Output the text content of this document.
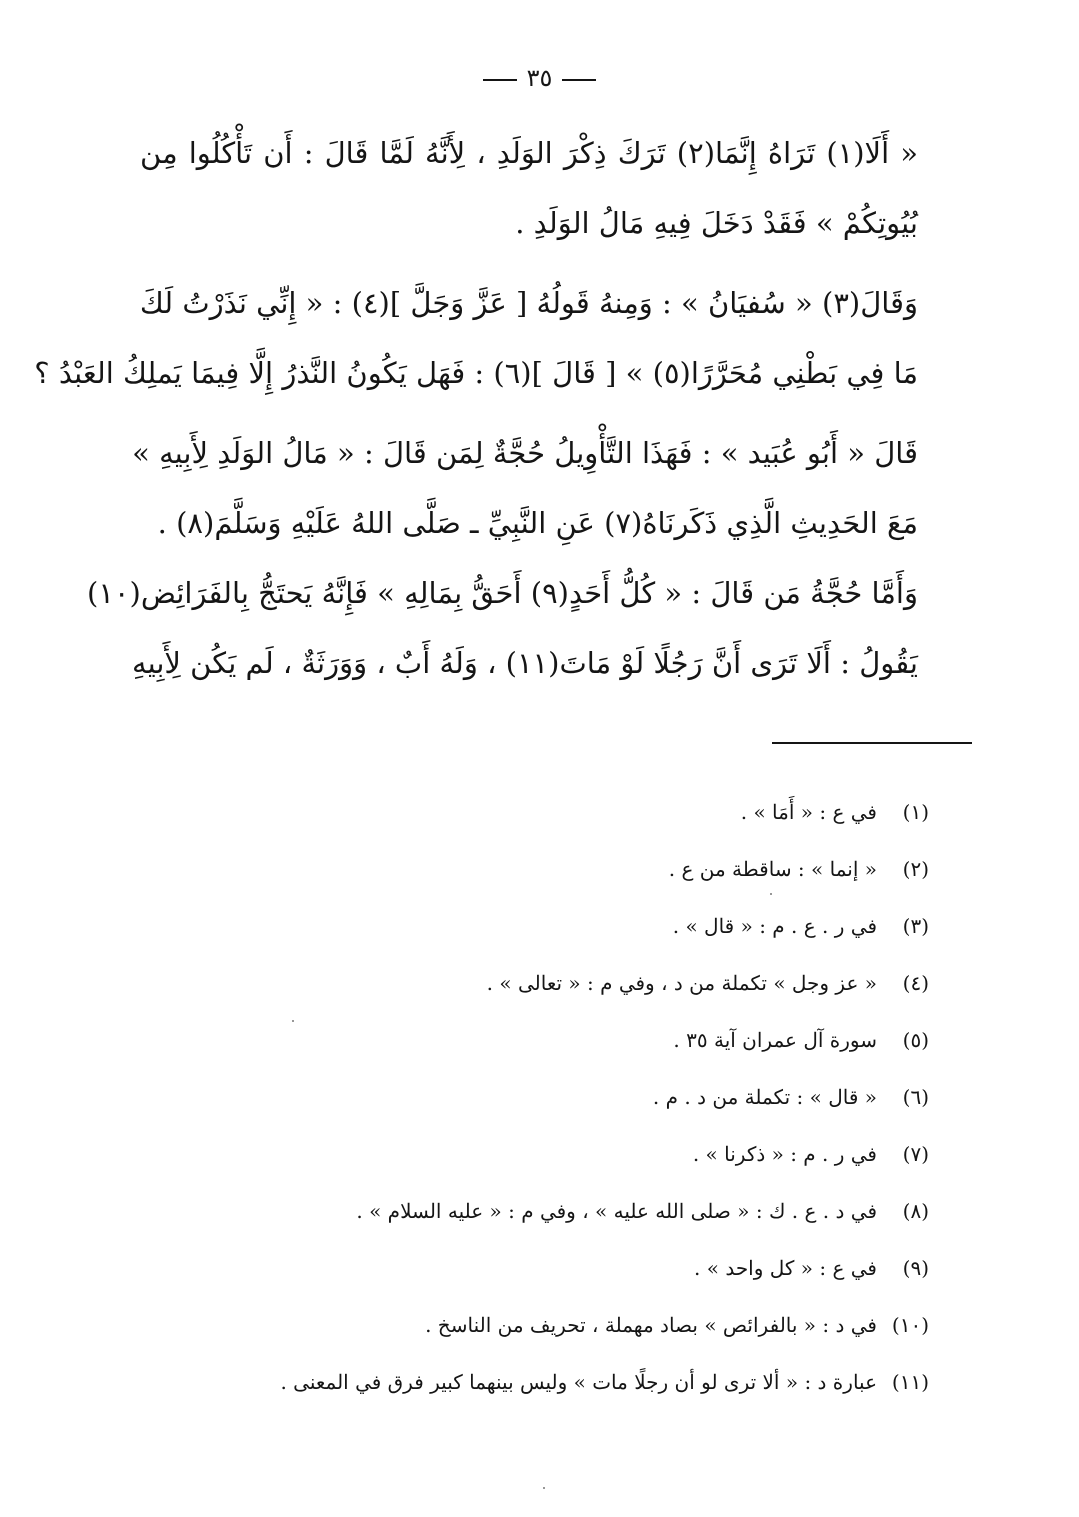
٣٥
« أَلَا(١) تَرَاهُ إِنَّمَا(٢) تَرَكَ ذِكْرَ الوَلَدِ ، لِأَنَّهُ لَمَّا قَالَ : أَن تَأْكُلُوا مِن
بُيُوتِكُمْ » فَقَدْ دَخَلَ فِيهِ مَالُ الوَلَدِ .
وَقَالَ(٣) « سُفيَانُ » : وَمِنهُ قَولُهُ [ عَزَّ وَجَلَّ ](٤) : « إِنِّي نَذَرْتُ لَكَ
مَا فِي بَطْنِي مُحَرَّرًا(٥) » [ قَالَ ](٦) : فَهَل يَكُونُ النَّذرُ إِلَّا فِيمَا يَملِكُ العَبْدُ ؟
قَالَ « أَبُو عُبَيد » : فَهَذَا التَّأْوِيلُ حُجَّةٌ لِمَن قَالَ : « مَالُ الوَلَدِ لِأَبِيهِ »
مَعَ الحَدِيثِ الَّذِي ذَكَرنَاهُ(٧) عَنِ النَّبِيِّ ـ صَلَّى اللهُ عَلَيْهِ وَسَلَّمَ(٨) .
وَأَمَّا حُجَّةُ مَن قَالَ : « كُلُّ أَحَدٍ(٩) أَحَقُّ بِمَالِهِ » فَإِنَّهُ يَحتَجُّ بِالفَرَائِض(١٠)
يَقُولُ : أَلَا تَرَى أَنَّ رَجُلًا لَوْ مَاتَ(١١) ، وَلَهُ أَبٌ ، وَوَرَثَةٌ ، لَم يَكُن لِأَبِيهِ
(١)في ع : « أَمَا » .
(٢)« إنما » : ساقطة من ع .
(٣)في ر . ع . م : « قال » .
(٤)« عز وجل » تكملة من د ، وفي م : « تعالى » .
(٥)سورة آل عمران آية ٣٥ .
(٦)« قال » : تكملة من د . م .
(٧)في ر . م : « ذكرنا » .
(٨)في د . ع . ك : « صلى الله عليه » ، وفي م : « عليه السلام » .
(٩)في ع : « كل واحد » .
(١٠)في د : « بالفرائص » بصاد مهملة ، تحريف من الناسخ .
(١١)عبارة د : « ألا ترى لو أن رجلًا مات » وليس بينهما كبير فرق في المعنى .
